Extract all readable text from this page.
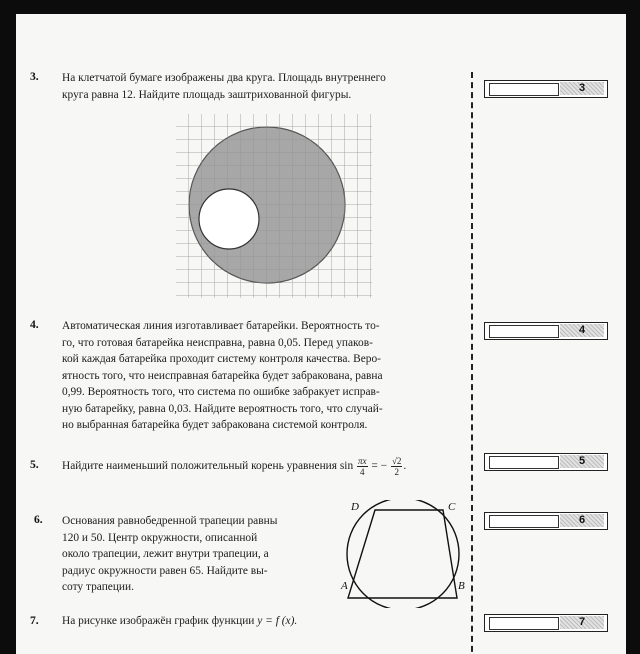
3. На клетчатой бумаге изображены два круга. Площадь внутреннего
круга равна 12. Найдите площадь заштрихованной фигуры.
4. Автоматическая линия изготавливает батарейки. Вероятность то-
го, что готовая батарейка неисправна, равна 0,05. Перед упаков-
кой каждая батарейка проходит систему контроля качества. Веро-
ятность того, что неисправная батарейка будет забракована, равна
0,99. Вероятность того, что система по ошибке забракует исправ-
ную батарейку, равна 0,03. Найдите вероятность того, что случай-
но выбранная батарейка будет забракована системой контроля.
5. Найдите наименьший положительный корень уравнения $\sin \frac{\pi x}{4}$ = − $\frac{√2}{2}$ .
6. Основания равнобедренной трапеции равны
120 и 50. Центр окружности, описанной
около трапеции, лежит внутри трапеции, а
радиус окружности равен 65. Найдите вы-
соту трапеции.
D	C
A	B
7. На рисунке изображён график функции y = f (x).
3
4
5
6
7
